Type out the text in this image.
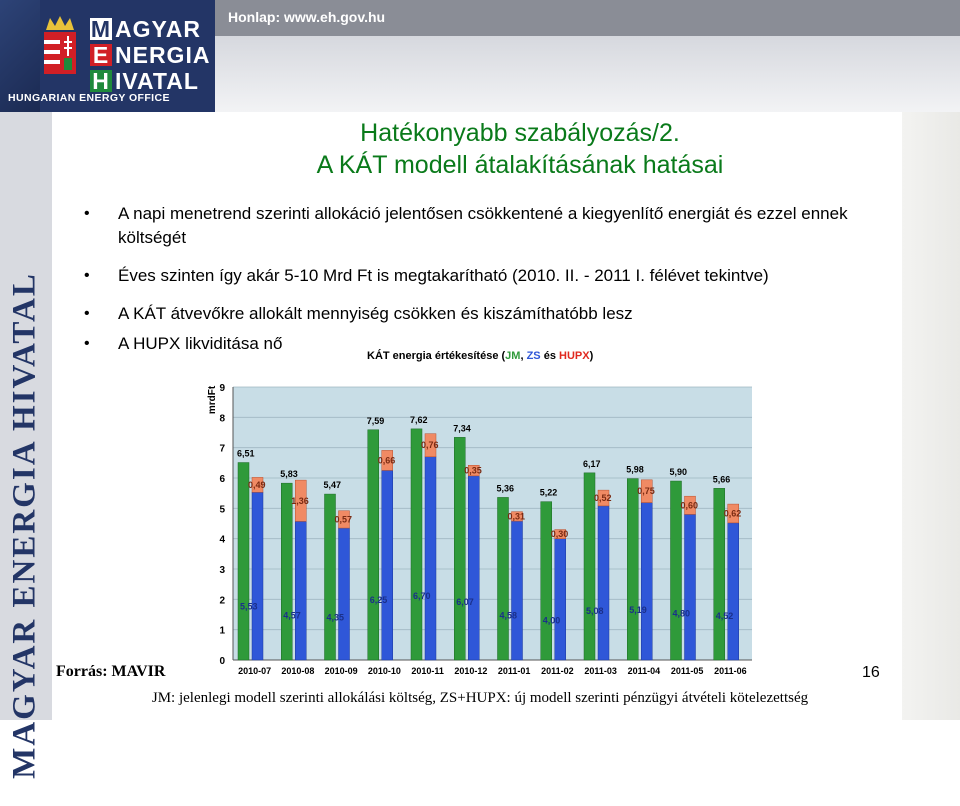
M AGYAR
E NERGIA
H IVATAL
HUNGARIAN ENERGY OFFICE
Honlap: www.eh.gov.hu
MAGYAR ENERGIA HIVATAL
Hatékonyabb szabályozás/2.
A KÁT modell átalakításának hatásai
• A napi menetrend szerinti allokáció jelentősen csökkentené a kiegyenlítő energiát és ezzel ennek költségét
• Éves szinten így akár 5-10 Mrd Ft is megtakarítható (2010. II. - 2011 I. félévet tekintve)
• A KÁT átvevőkre allokált mennyiség csökken és kiszámíthatóbb lesz
• A HUPX likviditása nő
KÁT energia értékesítése (JM, ZS és HUPX)
mrdFt
0
1
2
3
4
5
6
7
8
9
6,51
5,53
0,49
2010-07
5,83
4,57
1,36
2010-08
5,47
4,35
0,57
2010-09
7,59
6,25
0,66
2010-10
7,62
6,70
0,76
2010-11
7,34
6,07
0,35
2010-12
5,36
4,58
0,31
2011-01
5,22
4,00
0,30
2011-02
6,17
5,08
0,52
2011-03
5,98
5,19
0,75
2011-04
5,90
4,80
0,60
2011-05
5,66
4,52
0,62
2011-06
Forrás: MAVIR	16
JM: jelenlegi modell szerinti allokálási költség, ZS+HUPX: új modell szerinti pénzügyi átvételi kötelezettség
